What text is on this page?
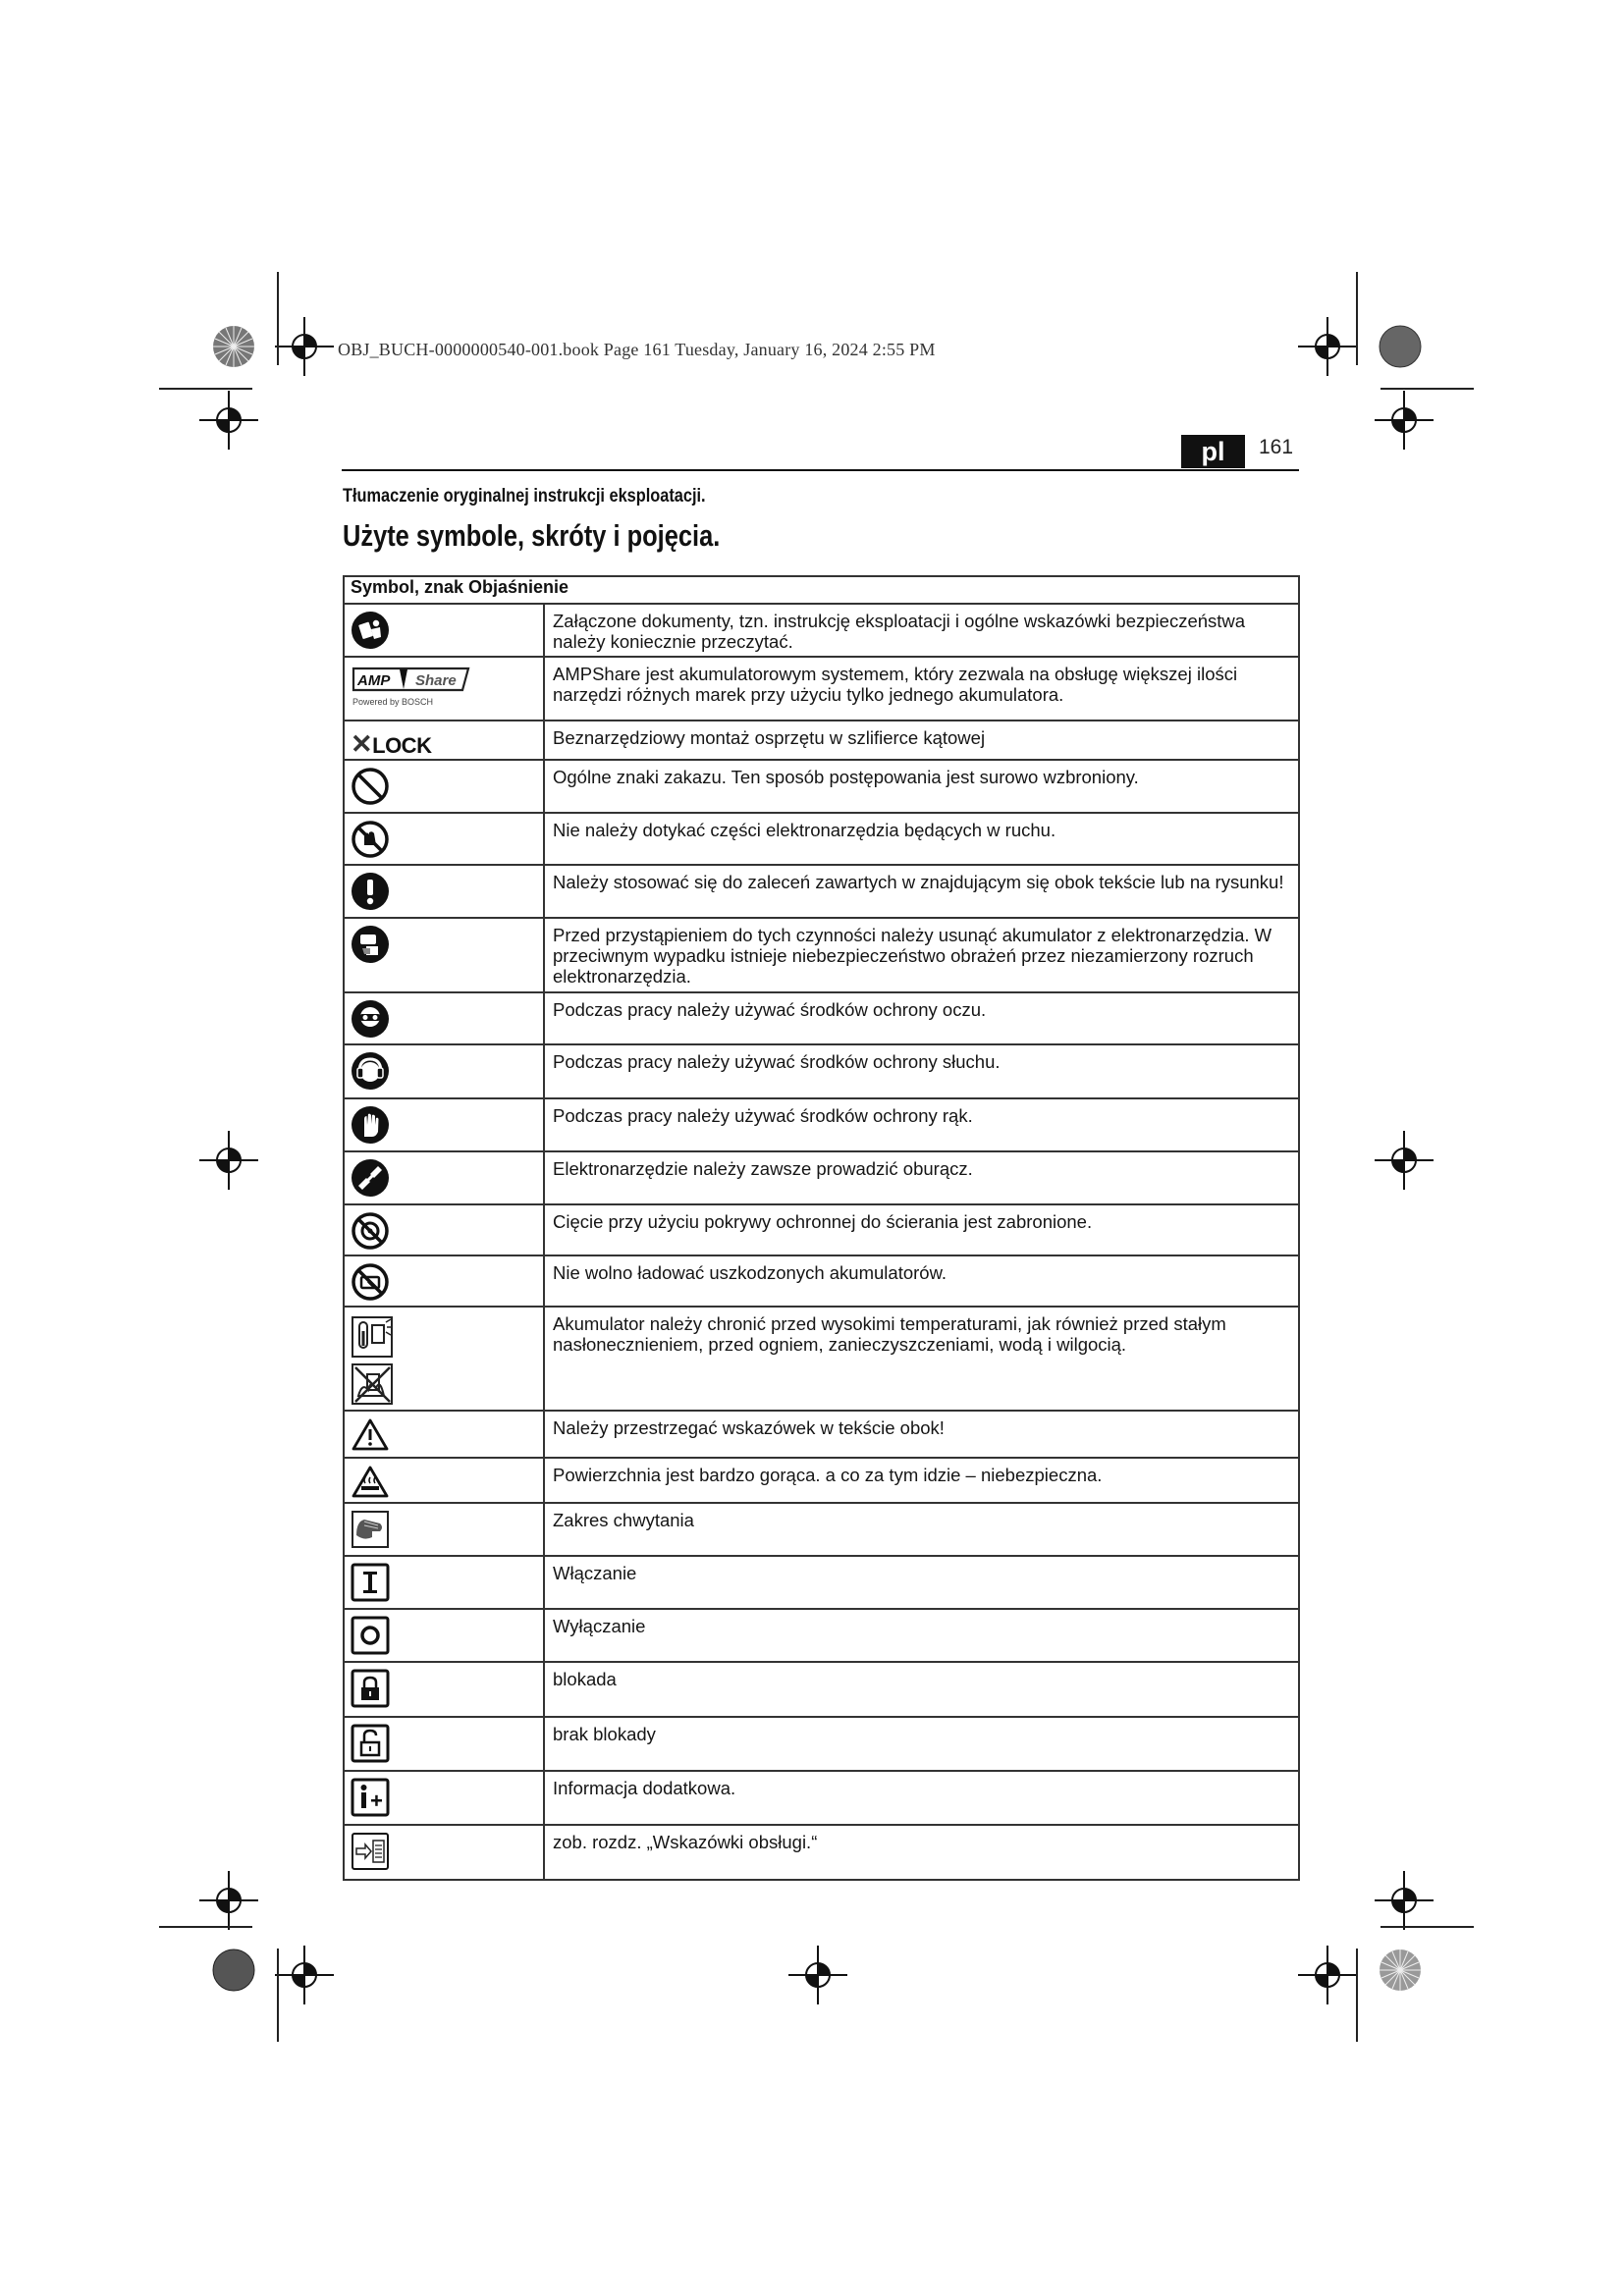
OBJ_BUCH-0000000540-001.book Page 161 Tuesday, January 16, 2024 2:55 PM
pl	161
Tłumaczenie oryginalnej instrukcji eksploatacji.
Użyte symbole, skróty i pojęcia.
Symbol, znak Objaśnienie	

	Załączone dokumenty, tzn. instrukcję eksploatacji i ogólne wskazówki bezpieczeństwa należy koniecznie przeczytać.

AMP Share
Powered by BOSCH	AMPShare jest akumulatorowym systemem, który zezwala na obsługę większej ilości narzędzi różnych marek przy użyciu tylko jednego akumulatora.

✕LOCK	Beznarzędziowy montaż osprzętu w szlifierce kątowej

	Ogólne znaki zakazu. Ten sposób postępowania jest surowo wzbroniony.

	Nie należy dotykać części elektronarzędzia będących w ruchu.

	Należy stosować się do zaleceń zawartych w znajdującym się obok tekście lub na rysunku!

	Przed przystąpieniem do tych czynności należy usunąć akumulator z elektronarzędzia. W przeciwnym wypadku istnieje niebezpieczeństwo obrażeń przez niezamierzony rozruch elektronarzędzia.

	Podczas pracy należy używać środków ochrony oczu.

	Podczas pracy należy używać środków ochrony słuchu.

	Podczas pracy należy używać środków ochrony rąk.

	Elektronarzędzie należy zawsze prowadzić oburącz.

	Cięcie przy użyciu pokrywy ochronnej do ścierania jest zabronione.

	Nie wolno ładować uszkodzonych akumulatorów.

	Akumulator należy chronić przed wysokimi temperaturami, jak również przed stałym nasłonecznieniem, przed ogniem, zanieczyszczeniami, wodą i wilgocią.

	Należy przestrzegać wskazówek w tekście obok!

	Powierzchnia jest bardzo gorąca. a co za tym idzie – niebezpieczna.

	Zakres chwytania

	Włączanie

	Wyłączanie

	blokada

	brak blokady

	Informacja dodatkowa.

	zob. rozdz. „Wskazówki obsługi.“
